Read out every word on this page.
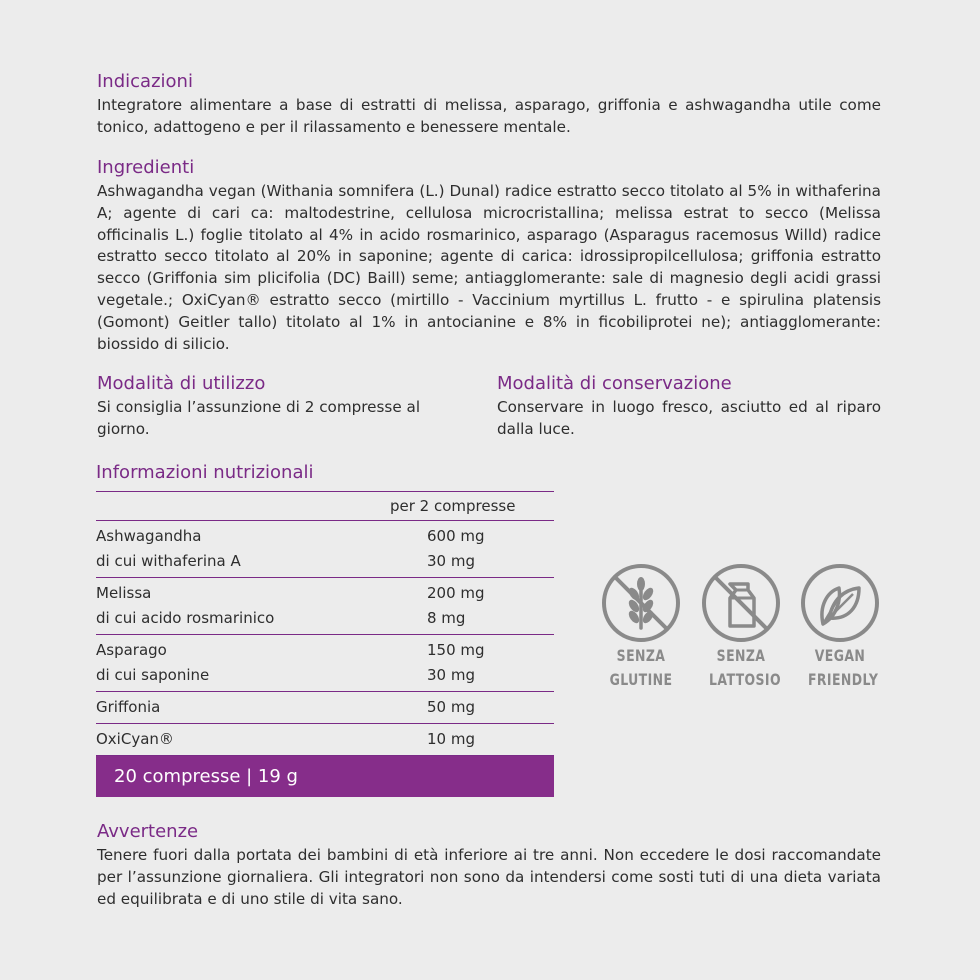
Indicazioni

Integratore alimentare a base di estratti di melissa, asparago, griffonia e ashwagandha utile come tonico, adattogeno e per il rilassamento e benessere mentale.

Ingredienti

Ashwagandha vegan (Withania somnifera (L.) Dunal) radice estratto secco titolato al 5% in withaferina A; agente di cari ca: maltodestrine, cellulosa microcristallina; melissa estrat to secco (Melissa officinalis L.) foglie titolato al 4% in acido rosmarinico, asparago (Asparagus racemosus Willd) radice estratto secco titolato al 20% in saponine; agente di carica: idrossipropilcellulosa; griffonia estratto secco (Griffonia sim plicifolia (DC) Baill) seme; antiagglomerante: sale di magnesio degli acidi grassi vegetale.; OxiCyan® estratto secco (mirtillo - Vaccinium myrtillus L. frutto - e spirulina platensis (Gomont) Geitler tallo) titolato al 1% in antocianine e 8% in ficobiliprotei ne); antiagglomerante: biossido di silicio.

Modalità di utilizzo

Si consiglia l’assunzione di 2 compresse al giorno.

Modalità di conservazione

Conservare in luogo fresco, asciutto ed al riparo dalla luce.

Informazioni nutrizionali
per 2 compresse
Ashwagandha	600 mg
di cui withaferina A	30 mg
Melissa	200 mg
di cui acido rosmarinico	8 mg
Asparago	150 mg
di cui saponine	30 mg
Griffonia	50 mg
OxiCyan®	10 mg
20 compresse | 19 g
SENZA
GLUTINE
SENZA
LATTOSIO
VEGAN
FRIENDLY
Avvertenze

Tenere fuori dalla portata dei bambini di età inferiore ai tre anni. Non eccedere le dosi raccomandate per l’assunzione giornaliera. Gli integratori non sono da intendersi come sosti tuti di una dieta variata ed equilibrata e di uno stile di vita sano.
